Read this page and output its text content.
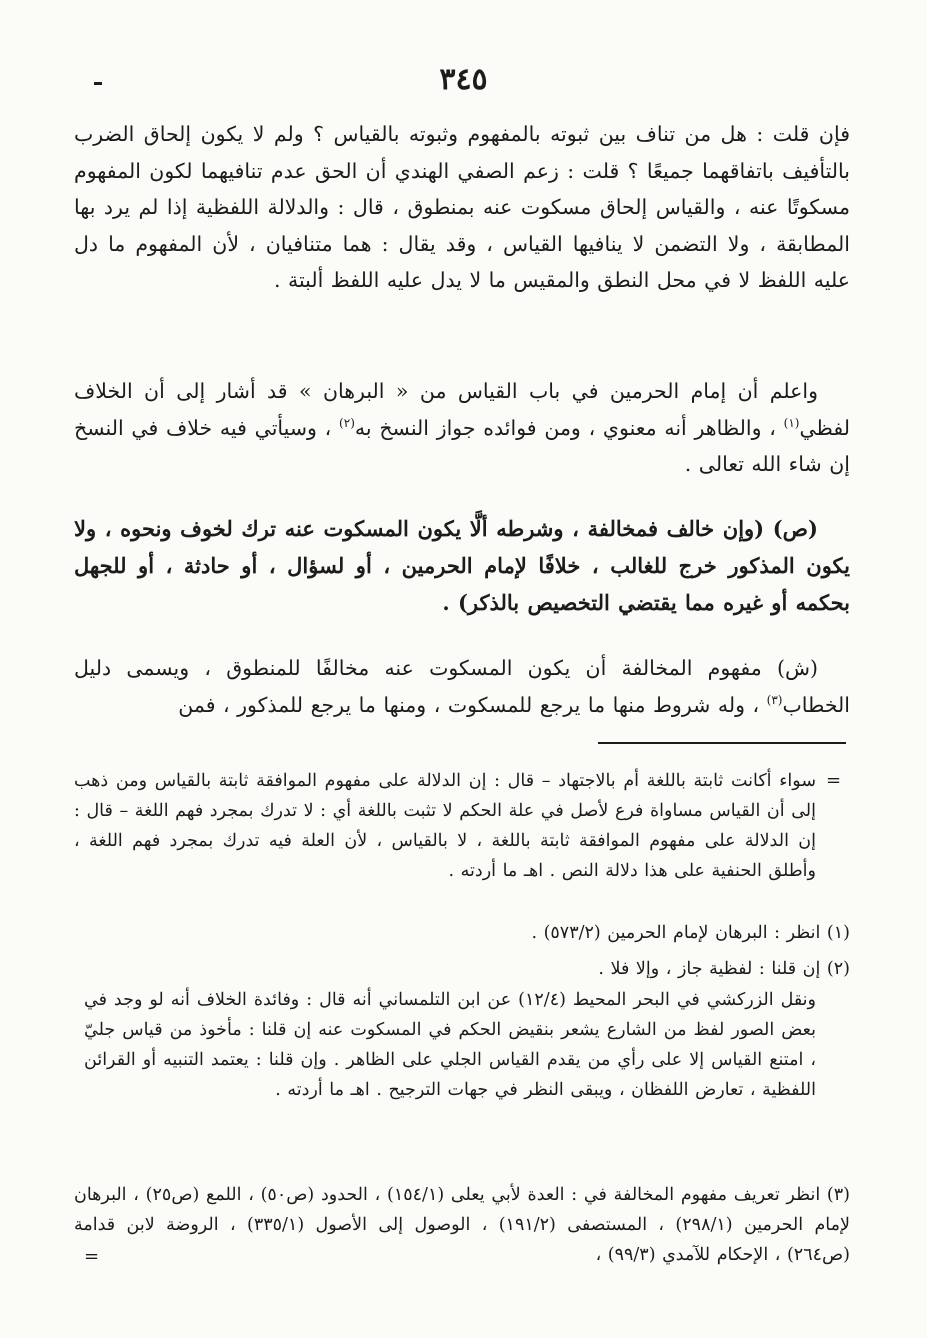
٣٤٥

فإن قلت : هل من تناف بين ثبوته بالمفهوم وثبوته بالقياس ؟ ولم لا يكون إلحاق الضرب بالتأفيف باتفاقهما جميعًا ؟ قلت : زعم الصفي الهندي أن الحق عدم تنافيهما لكون المفهوم مسكوتًا عنه ، والقياس إلحاق مسكوت عنه بمنطوق ، قال : والدلالة اللفظية إذا لم يرد بها المطابقة ، ولا التضمن لا ينافيها القياس ، وقد يقال : هما متنافيان ، لأن المفهوم ما دل عليه اللفظ لا في محل النطق والمقيس ما لا يدل عليه اللفظ ألبتة .

واعلم أن إمام الحرمين في باب القياس من « البرهان » قد أشار إلى أن الخلاف لفظي$^{(١)}$ ، والظاهر أنه معنوي ، ومن فوائده جواز النسخ به$^{(٢)}$ ، وسيأتي فيه خلاف في النسخ إن شاء الله تعالى .

(ص) (وإن خالف فمخالفة ، وشرطه ألَّا يكون المسكوت عنه ترك لخوف ونحوه ، ولا يكون المذكور خرج للغالب ، خلافًا لإمام الحرمين ، أو لسؤال ، أو حادثة ، أو للجهل بحكمه أو غيره مما يقتضي التخصيص بالذكر) .

(ش) مفهوم المخالفة أن يكون المسكوت عنه مخالفًا للمنطوق ، ويسمى دليل الخطاب$^{(٣)}$ ، وله شروط منها ما يرجع للمسكوت ، ومنها ما يرجع للمذكور ، فمن

=

سواء أكانت ثابتة باللغة أم بالاجتهاد – قال : إن الدلالة على مفهوم الموافقة ثابتة بالقياس ومن ذهب إلى أن القياس مساواة فرع لأصل في علة الحكم لا تثبت باللغة أي : لا تدرك بمجرد فهم اللغة – قال : إن الدلالة على مفهوم الموافقة ثابتة باللغة ، لا بالقياس ، لأن العلة فيه تدرك بمجرد فهم اللغة ، وأطلق الحنفية على هذا دلالة النص . اهـ ما أردته .

(١) انظر : البرهان لإمام الحرمين (٥٧٣/٢) .

(٢) إن قلنا : لفظية جاز ، وإلا فلا .

ونقل الزركشي في البحر المحيط (١٢/٤) عن ابن التلمساني أنه قال : وفائدة الخلاف أنه لو وجد في بعض الصور لفظ من الشارع يشعر بنقيض الحكم في المسكوت عنه إن قلنا : مأخوذ من قياس جليّ ، امتنع القياس إلا على رأي من يقدم القياس الجلي على الظاهر . وإن قلنا : يعتمد التنبيه أو القرائن اللفظية ، تعارض اللفظان ، ويبقى النظر في جهات الترجيح . اهـ ما أردته .

(٣) انظر تعريف مفهوم المخالفة في : العدة لأبي يعلى (١٥٤/١) ، الحدود (ص٥٠) ، اللمع (ص٢٥) ، البرهان لإمام الحرمين (٢٩٨/١) ، المستصفى (١٩١/٢) ، الوصول إلى الأصول (٣٣٥/١) ، الروضة لابن قدامة (ص٢٦٤) ، الإحكام للآمدي (٩٩/٣) ،

=
